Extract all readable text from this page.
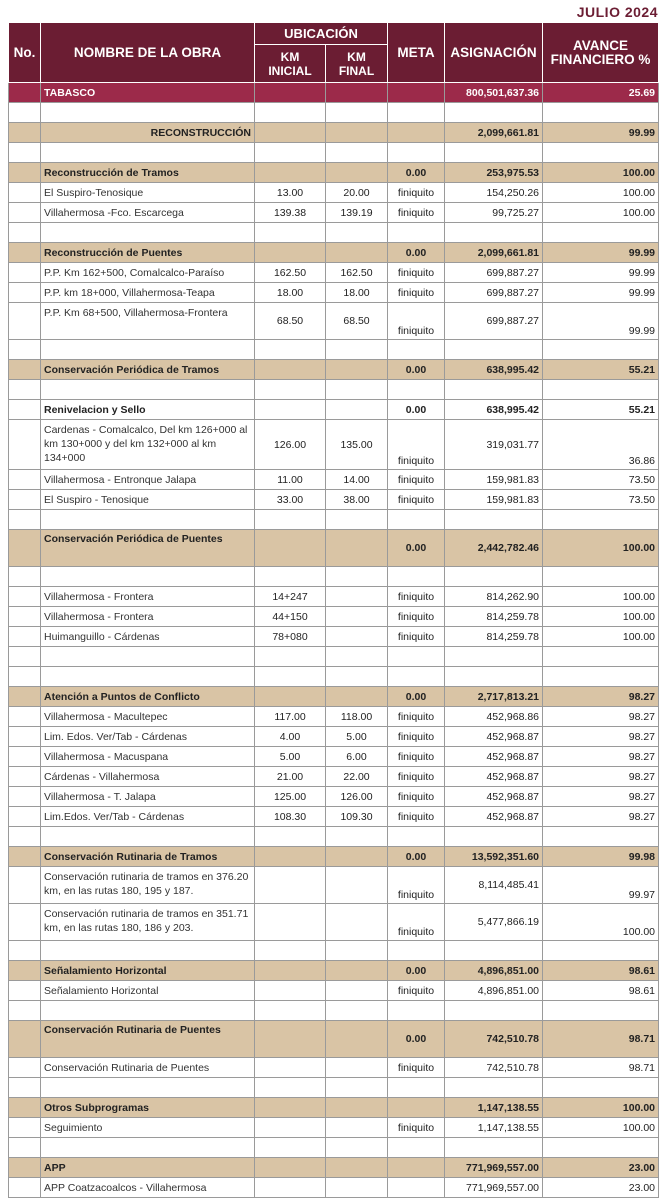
JULIO 2024
No.	NOMBRE DE LA OBRA	UBICACIÓN		META	ASIGNACIÓN	AVANCE FINANCIERO %
		KM INICIAL	KM FINAL			
	TABASCO				800,501,637.36	25.69

	RECONSTRUCCIÓN				2,099,661.81	99.99

	Reconstrucción de Tramos			0.00	253,975.53	100.00
	El Suspiro-Tenosique	13.00	20.00	finiquito	154,250.26	100.00
	Villahermosa -Fco. Escarcega	139.38	139.19	finiquito	99,725.27	100.00

	Reconstrucción de Puentes			0.00	2,099,661.81	99.99
	P.P. Km 162+500, Comalcalco-Paraíso	162.50	162.50	finiquito	699,887.27	99.99
	P.P. km 18+000, Villahermosa-Teapa	18.00	18.00	finiquito	699,887.27	99.99
	P.P. Km 68+500, Villahermosa-Frontera	68.50	68.50	finiquito	699,887.27	99.99

	Conservación Periódica de Tramos			0.00	638,995.42	55.21

	Renivelacion y Sello			0.00	638,995.42	55.21
	Cardenas - Comalcalco, Del km 126+000 al km 130+000 y del km 132+000 al km 134+000	126.00	135.00	finiquito	319,031.77	36.86
	Villahermosa - Entronque Jalapa	11.00	14.00	finiquito	159,981.83	73.50
	El Suspiro - Tenosique	33.00	38.00	finiquito	159,981.83	73.50

	Conservación Periódica de Puentes			0.00	2,442,782.46	100.00

	Villahermosa - Frontera	14+247		finiquito	814,262.90	100.00
	Villahermosa - Frontera	44+150		finiquito	814,259.78	100.00
	Huimanguillo - Cárdenas	78+080		finiquito	814,259.78	100.00

	Atención a Puntos de Conflicto			0.00	2,717,813.21	98.27
	Villahermosa - Macultepec	117.00	118.00	finiquito	452,968.86	98.27
	Lim. Edos. Ver/Tab - Cárdenas	4.00	5.00	finiquito	452,968.87	98.27
	Villahermosa - Macuspana	5.00	6.00	finiquito	452,968.87	98.27
	Cárdenas - Villahermosa	21.00	22.00	finiquito	452,968.87	98.27
	Villahermosa - T. Jalapa	125.00	126.00	finiquito	452,968.87	98.27
	Lim.Edos. Ver/Tab - Cárdenas	108.30	109.30	finiquito	452,968.87	98.27

	Conservación Rutinaria de Tramos			0.00	13,592,351.60	99.98
	Conservación rutinaria de tramos en 376.20 km, en las rutas 180, 195 y 187.			finiquito	8,114,485.41	99.97
	Conservación rutinaria de tramos en 351.71 km, en las rutas 180, 186 y 203.			finiquito	5,477,866.19	100.00

	Señalamiento Horizontal			0.00	4,896,851.00	98.61
	Señalamiento Horizontal			finiquito	4,896,851.00	98.61

	Conservación Rutinaria de Puentes			0.00	742,510.78	98.71
	Conservación Rutinaria de Puentes			finiquito	742,510.78	98.71

	Otros Subprogramas				1,147,138.55	100.00
	Seguimiento			finiquito	1,147,138.55	100.00

	APP				771,969,557.00	23.00
	APP Coatzacoalcos - Villahermosa				771,969,557.00	23.00
